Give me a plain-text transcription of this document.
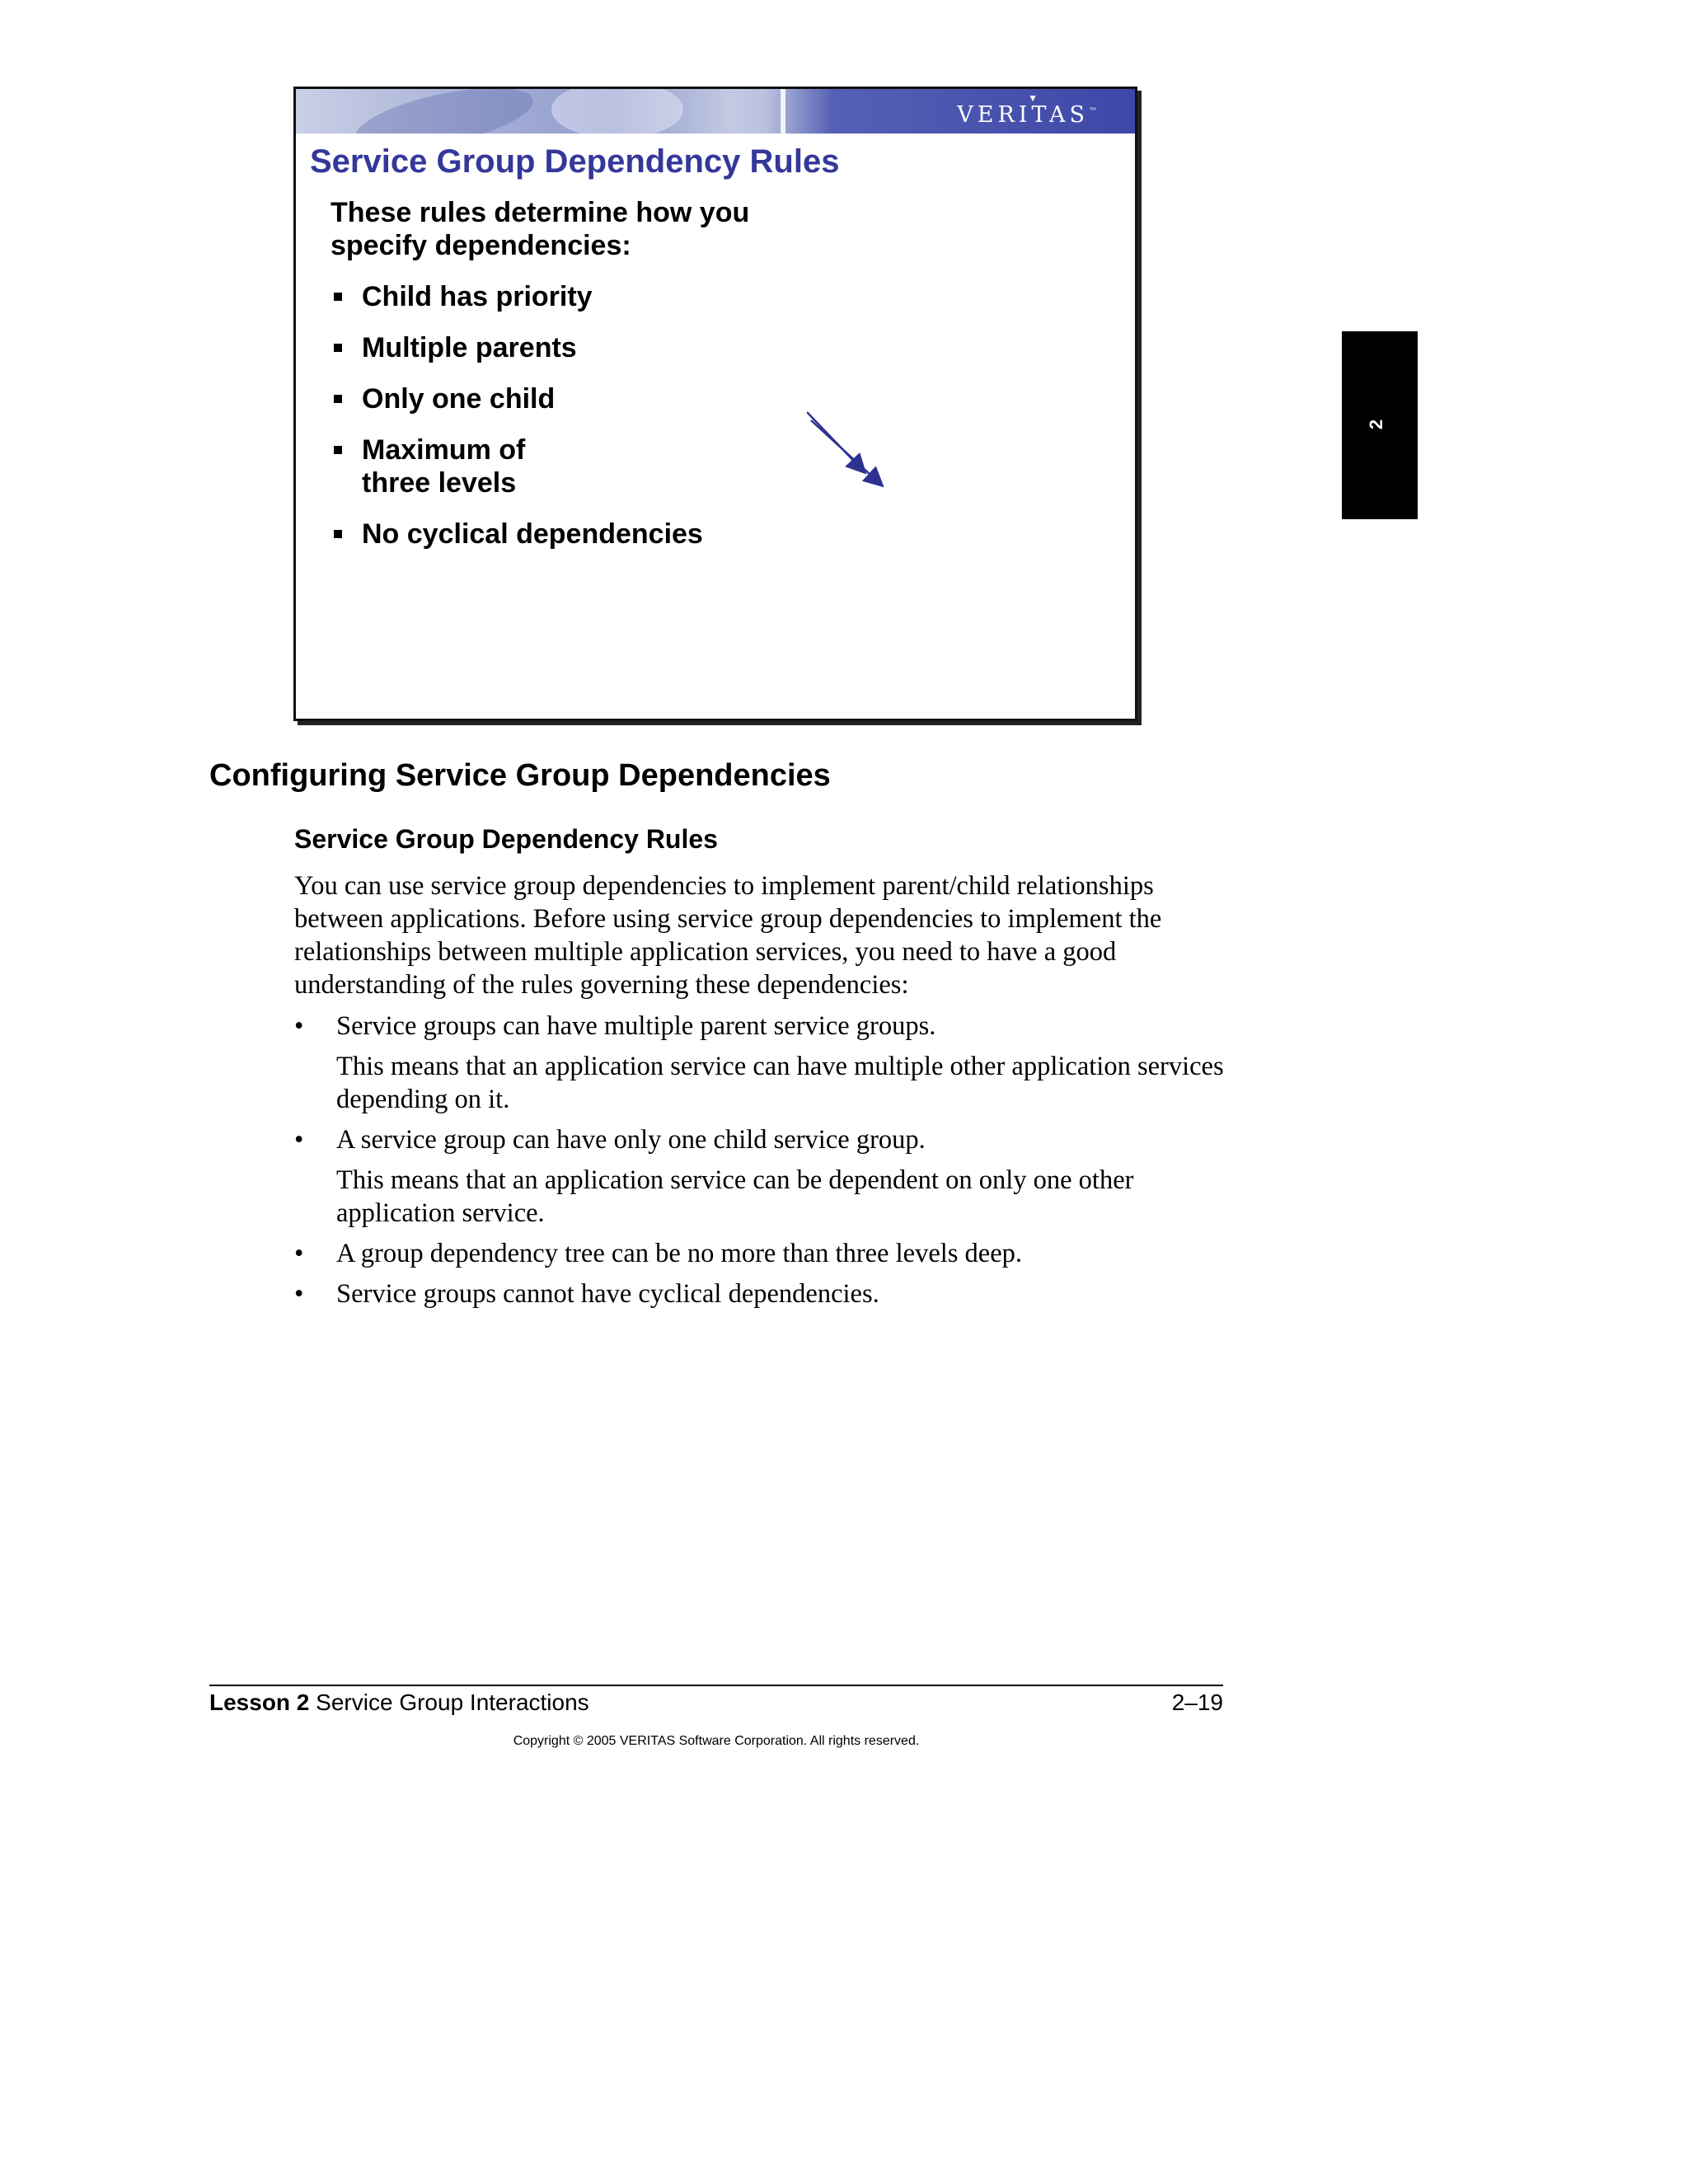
▼
VERITAS™
Service Group Dependency Rules
These rules determine how you specify dependencies:
Child has priority
Multiple parents
Only one child
Maximum of
three levels
No cyclical dependencies
2
Configuring Service Group Dependencies
Service Group Dependency Rules
You can use service group dependencies to implement parent/child relationships between applications. Before using service group dependencies to implement the relationships between multiple application services, you need to have a good understanding of the rules governing these dependencies:
• Service groups can have multiple parent service groups.
This means that an application service can have multiple other application services depending on it.
• A service group can have only one child service group.
This means that an application service can be dependent on only one other application service.
• A group dependency tree can be no more than three levels deep.
• Service groups cannot have cyclical dependencies.
Lesson 2 Service Group Interactions	2–19
Copyright © 2005 VERITAS Software Corporation. All rights reserved.
